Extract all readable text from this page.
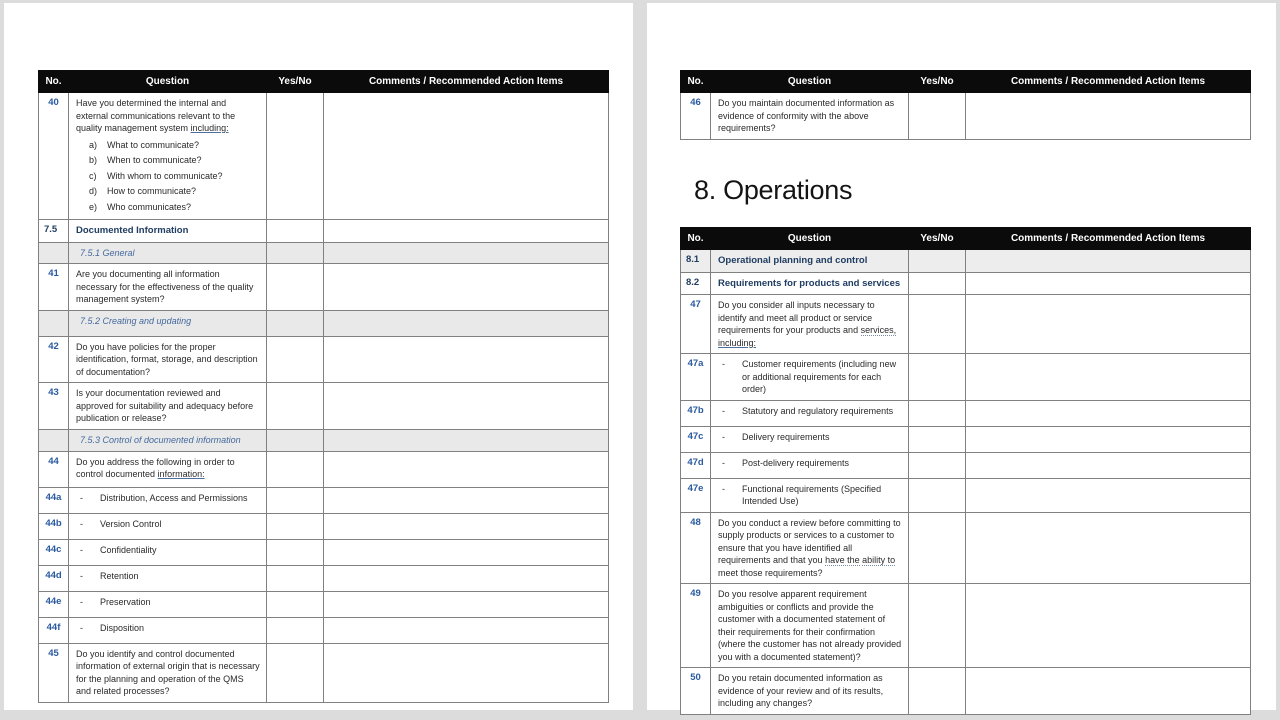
No.	Question	Yes/No	Comments / Recommended Action Items
40	Have you determined the internal and external communications relevant to the quality management system including:
a)	What to communicate?
b)	When to communicate?
c)	With whom to communicate?
d)	How to communicate?
e)	Who communicates?

7.5	Documented Information		
	7.5.1 General		
41	Are you documenting all information necessary for the effectiveness of the quality management system?		
	7.5.2 Creating and updating		
42	Do you have policies for the proper identification, format, storage, and description of documentation?		
43	Is your documentation reviewed and approved for suitability and adequacy before publication or release?		
	7.5.3 Control of documented information		
44	Do you address the following in order to control documented information:		
44a	- Distribution, Access and Permissions		

44b	- Version Control		

44c	- Confidentiality		

44d	- Retention		

44e	- Preservation		

44f	- Disposition		

45	Do you identify and control documented information of external origin that is necessary for the planning and operation of the QMS and related processes?		
No.	Question	Yes/No	Comments / Recommended Action Items
46	Do you maintain documented information as evidence of conformity with the above requirements?		
8. Operations
No.	Question	Yes/No	Comments / Recommended Action Items
8.1	Operational planning and control		
8.2	Requirements for products and services		
47	Do you consider all inputs necessary to identify and meet all product or service requirements for your products and services, including:		
47a	- Customer requirements (including new or additional requirements for each order)		

47b	- Statutory and regulatory requirements		

47c	- Delivery requirements		

47d	- Post-delivery requirements		

47e	- Functional requirements (Specified Intended Use)		

48	Do you conduct a review before committing to supply products or services to a customer to ensure that you have identified all requirements and that you have the ability to meet those requirements?		
49	Do you resolve apparent requirement ambiguities or conflicts and provide the customer with a documented statement of their requirements for their confirmation (where the customer has not already provided you with a documented statement)?		
50	Do you retain documented information as evidence of your review and of its results, including any changes?		
